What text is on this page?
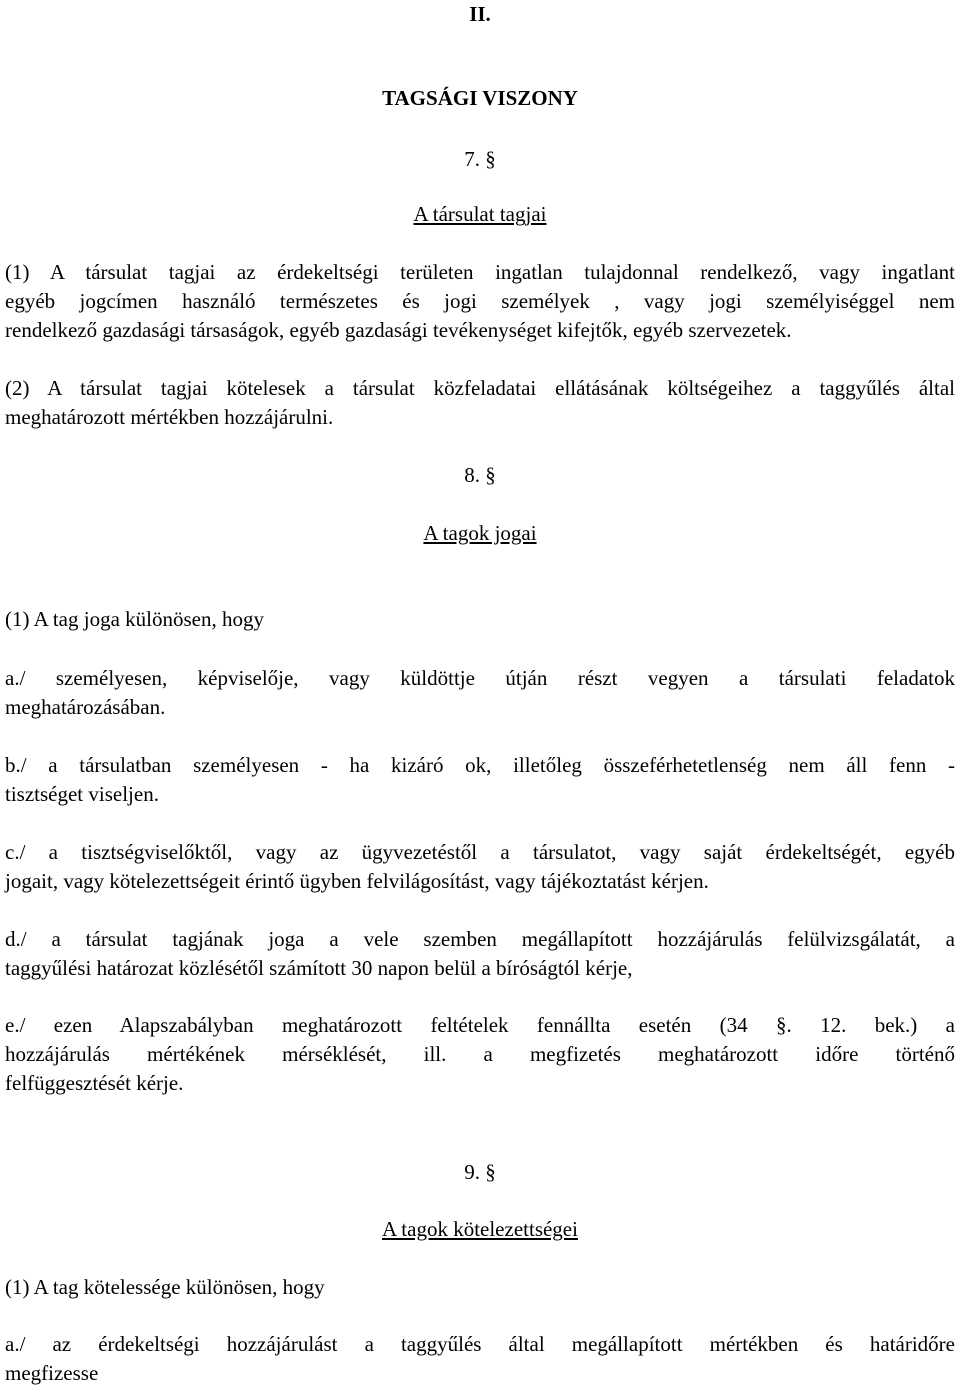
II.
TAGSÁGI VISZONY
7. §
A társulat tagjai
(1) A társulat tagjai az érdekeltségi területen ingatlan tulajdonnal rendelkező, vagy ingatlant
egyéb jogcímen használó természetes és jogi személyek , vagy jogi személyiséggel nem
rendelkező gazdasági társaságok, egyéb gazdasági tevékenységet kifejtők, egyéb szervezetek.
(2) A társulat tagjai kötelesek a társulat közfeladatai ellátásának költségeihez a taggyűlés által
meghatározott mértékben hozzájárulni.
8. §
A tagok jogai
(1) A tag joga különösen, hogy
a./ személyesen, képviselője, vagy küldöttje útján részt vegyen a társulati feladatok
meghatározásában.
b./ a társulatban személyesen - ha kizáró ok, illetőleg összeférhetetlenség nem áll fenn -
tisztséget viseljen.
c./ a tisztségviselőktől, vagy az ügyvezetéstől a társulatot, vagy saját érdekeltségét, egyéb
jogait, vagy kötelezettségeit érintő ügyben felvilágosítást, vagy tájékoztatást kérjen.
d./ a társulat tagjának joga a vele szemben megállapított hozzájárulás felülvizsgálatát, a
taggyűlési határozat közlésétől számított 30 napon belül a bíróságtól kérje,
e./ ezen Alapszabályban meghatározott feltételek fennállta esetén (34 §. 12. bek.) a
hozzájárulás mértékének mérséklését, ill. a megfizetés meghatározott időre történő
felfüggesztését kérje.
9. §
A tagok kötelezettségei
(1) A tag kötelessége különösen, hogy
a./ az érdekeltségi hozzájárulást a taggyűlés által megállapított mértékben és határidőre
megfizesse
